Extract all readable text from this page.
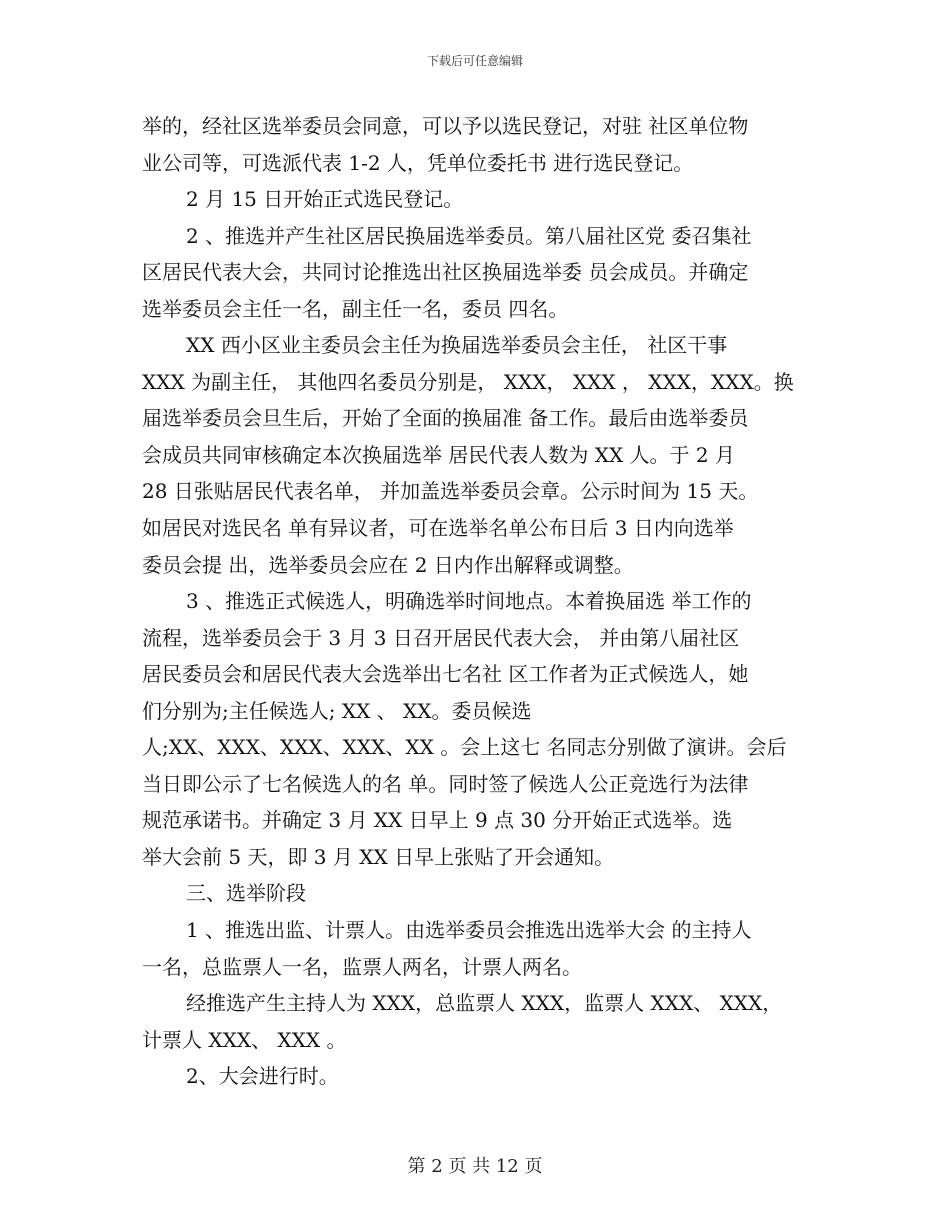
下载后可任意编辑
举的，经社区选举委员会同意，可以予以选民登记，对驻 社区单位物
业公司等，可选派代表 1-2 人，凭单位委托书 进行选民登记。
2 月 15 日开始正式选民登记。
2 、推选并产生社区居民换届选举委员。第八届社区党 委召集社
区居民代表大会，共同讨论推选出社区换届选举委 员会成员。并确定
选举委员会主任一名，副主任一名，委员 四名。
XX 西小区业主委员会主任为换届选举委员会主任， 社区干事
XXX 为副主任， 其他四名委员分别是， XXX， XXX ， XXX，XXX。换
届选举委员会旦生后，开始了全面的换届准 备工作。最后由选举委员
会成员共同审核确定本次换届选举 居民代表人数为 XX 人。于 2 月
28 日张贴居民代表名单， 并加盖选举委员会章。公示时间为 15 天。
如居民对选民名 单有异议者，可在选举名单公布日后 3 日内向选举
委员会提 出，选举委员会应在 2 日内作出解释或调整。
3 、推选正式候选人，明确选举时间地点。本着换届选 举工作的
流程，选举委员会于 3 月 3 日召开居民代表大会， 并由第八届社区
居民委员会和居民代表大会选举出七名社 区工作者为正式候选人，她
们分别为;主任候选人; XX 、 XX。委员候选
人;XX、XXX、XXX、XXX、XX 。会上这七 名同志分别做了演讲。会后
当日即公示了七名候选人的名 单。同时签了候选人公正竞选行为法律
规范承诺书。并确定 3 月 XX 日早上 9 点 30 分开始正式选举。选
举大会前 5 天，即 3 月 XX 日早上张贴了开会通知。
三、选举阶段
1 、推选出监、计票人。由选举委员会推选出选举大会 的主持人
一名，总监票人一名，监票人两名，计票人两名。
经推选产生主持人为 XXX，总监票人 XXX，监票人 XXX、 XXX，
计票人 XXX、 XXX 。
2、大会进行时。
第 2 页 共 12 页
